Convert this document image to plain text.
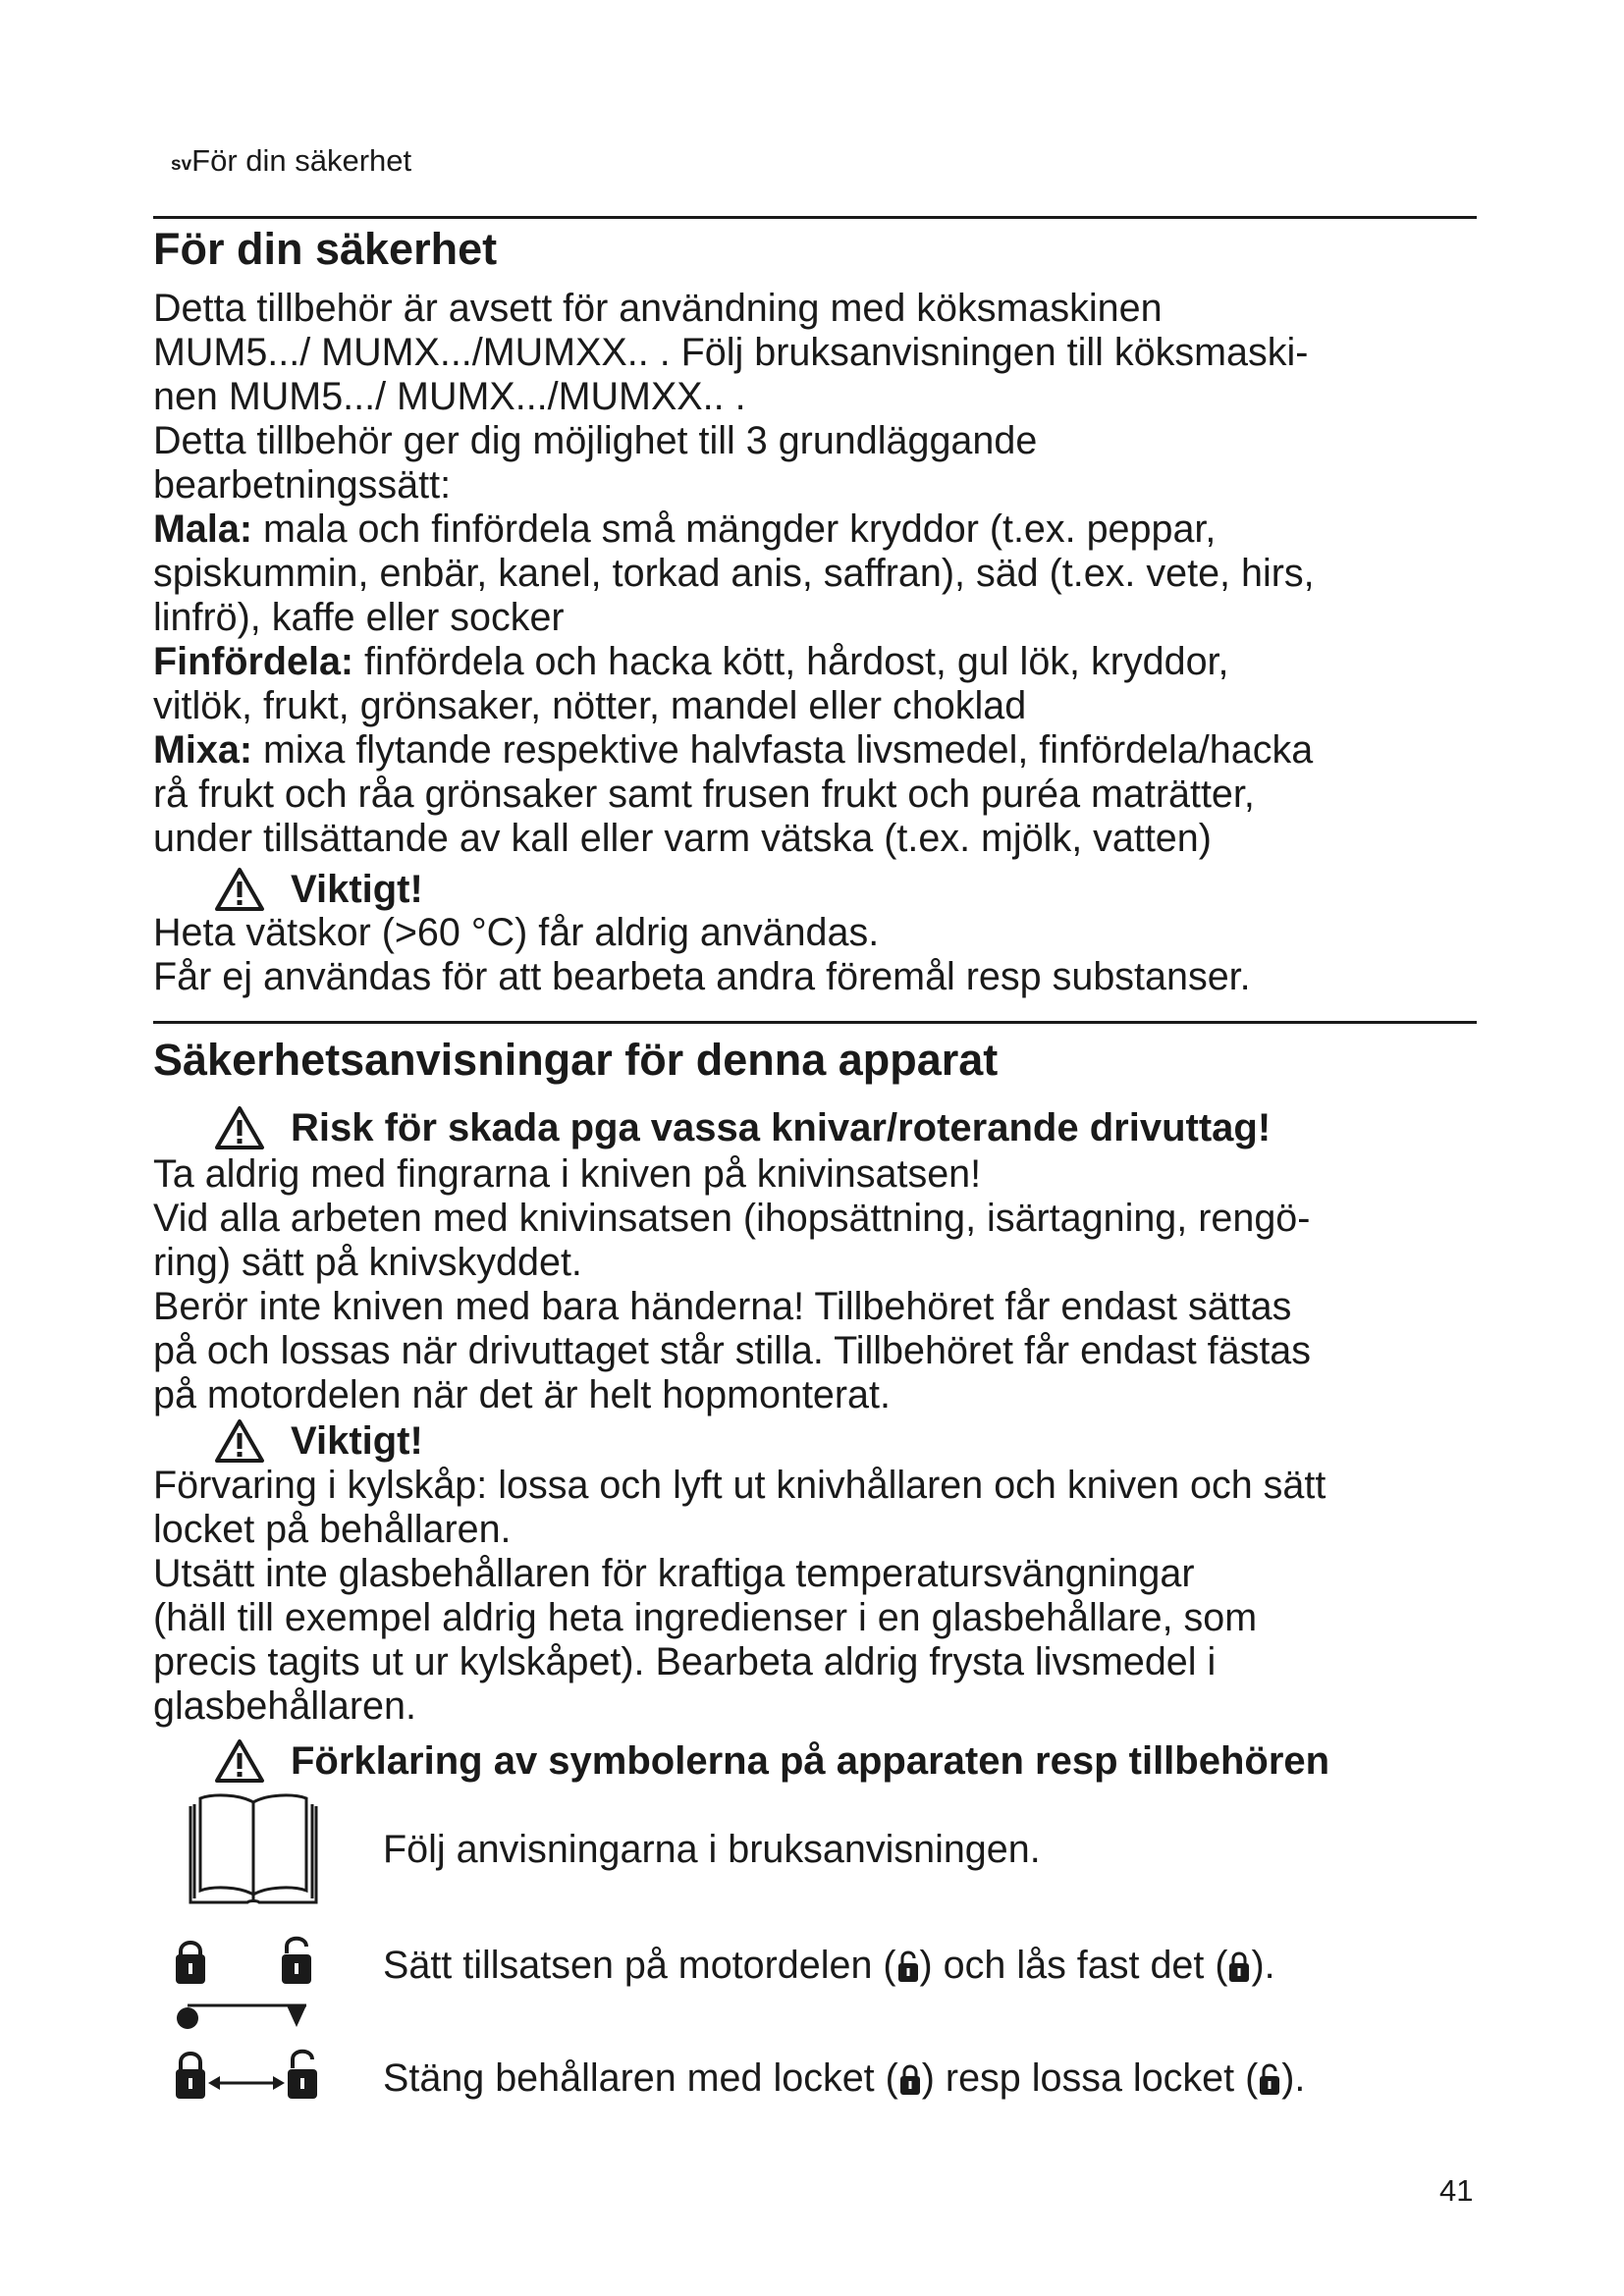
svFör din säkerhet
För din säkerhet

Detta tillbehör är avsett för användning med köksmaskinen

MUM5.../ MUMX.../MUMXX.. . Följ bruksanvisningen till köksmaski-

nen MUM5.../ MUMX.../MUMXX.. .

Detta tillbehör ger dig möjlighet till 3 grundläggande

bearbetningssätt:

Mala: mala och finfördela små mängder kryddor (t.ex. peppar,

spiskummin, enbär, kanel, torkad anis, saffran), säd (t.ex. vete, hirs,

linfrö), kaffe eller socker

Finfördela: finfördela och hacka kött, hårdost, gul lök, kryddor,

vitlök, frukt, grönsaker, nötter, mandel eller choklad

Mixa: mixa flytande respektive halvfasta livsmedel, finfördela/hacka

rå frukt och råa grönsaker samt frusen frukt och puréa maträtter,

under tillsättande av kall eller varm vätska (t.ex. mjölk, vatten)

Viktigt!

Heta vätskor (>60 °C) får aldrig användas.

Får ej användas för att bearbeta andra föremål resp substanser.

Säkerhetsanvisningar för denna apparat
Risk för skada pga vassa knivar/roterande drivuttag!

Ta aldrig med fingrarna i kniven på knivinsatsen!

Vid alla arbeten med knivinsatsen (ihopsättning, isärtagning, rengö-

ring) sätt på knivskyddet.

Berör inte kniven med bara händerna! Tillbehöret får endast sättas

på och lossas när drivuttaget står stilla. Tillbehöret får endast fästas

på motordelen när det är helt hopmonterat.

Viktigt!

Förvaring i kylskåp: lossa och lyft ut knivhållaren och kniven och sätt

locket på behållaren.

Utsätt inte glasbehållaren för kraftiga temperatursvängningar

(häll till exempel aldrig heta ingredienser i en glasbehållare, som

precis tagits ut ur kylskåpet). Bearbeta aldrig frysta livsmedel i

glasbehållaren.

Förklaring av symbolerna på apparaten resp tillbehören
Följ anvisningarna i bruksanvisningen.
Sätt tillsatsen på motordelen ( ) och lås fast det ( ).
Stäng behållaren med locket ( ) resp lossa locket ( ).
41
